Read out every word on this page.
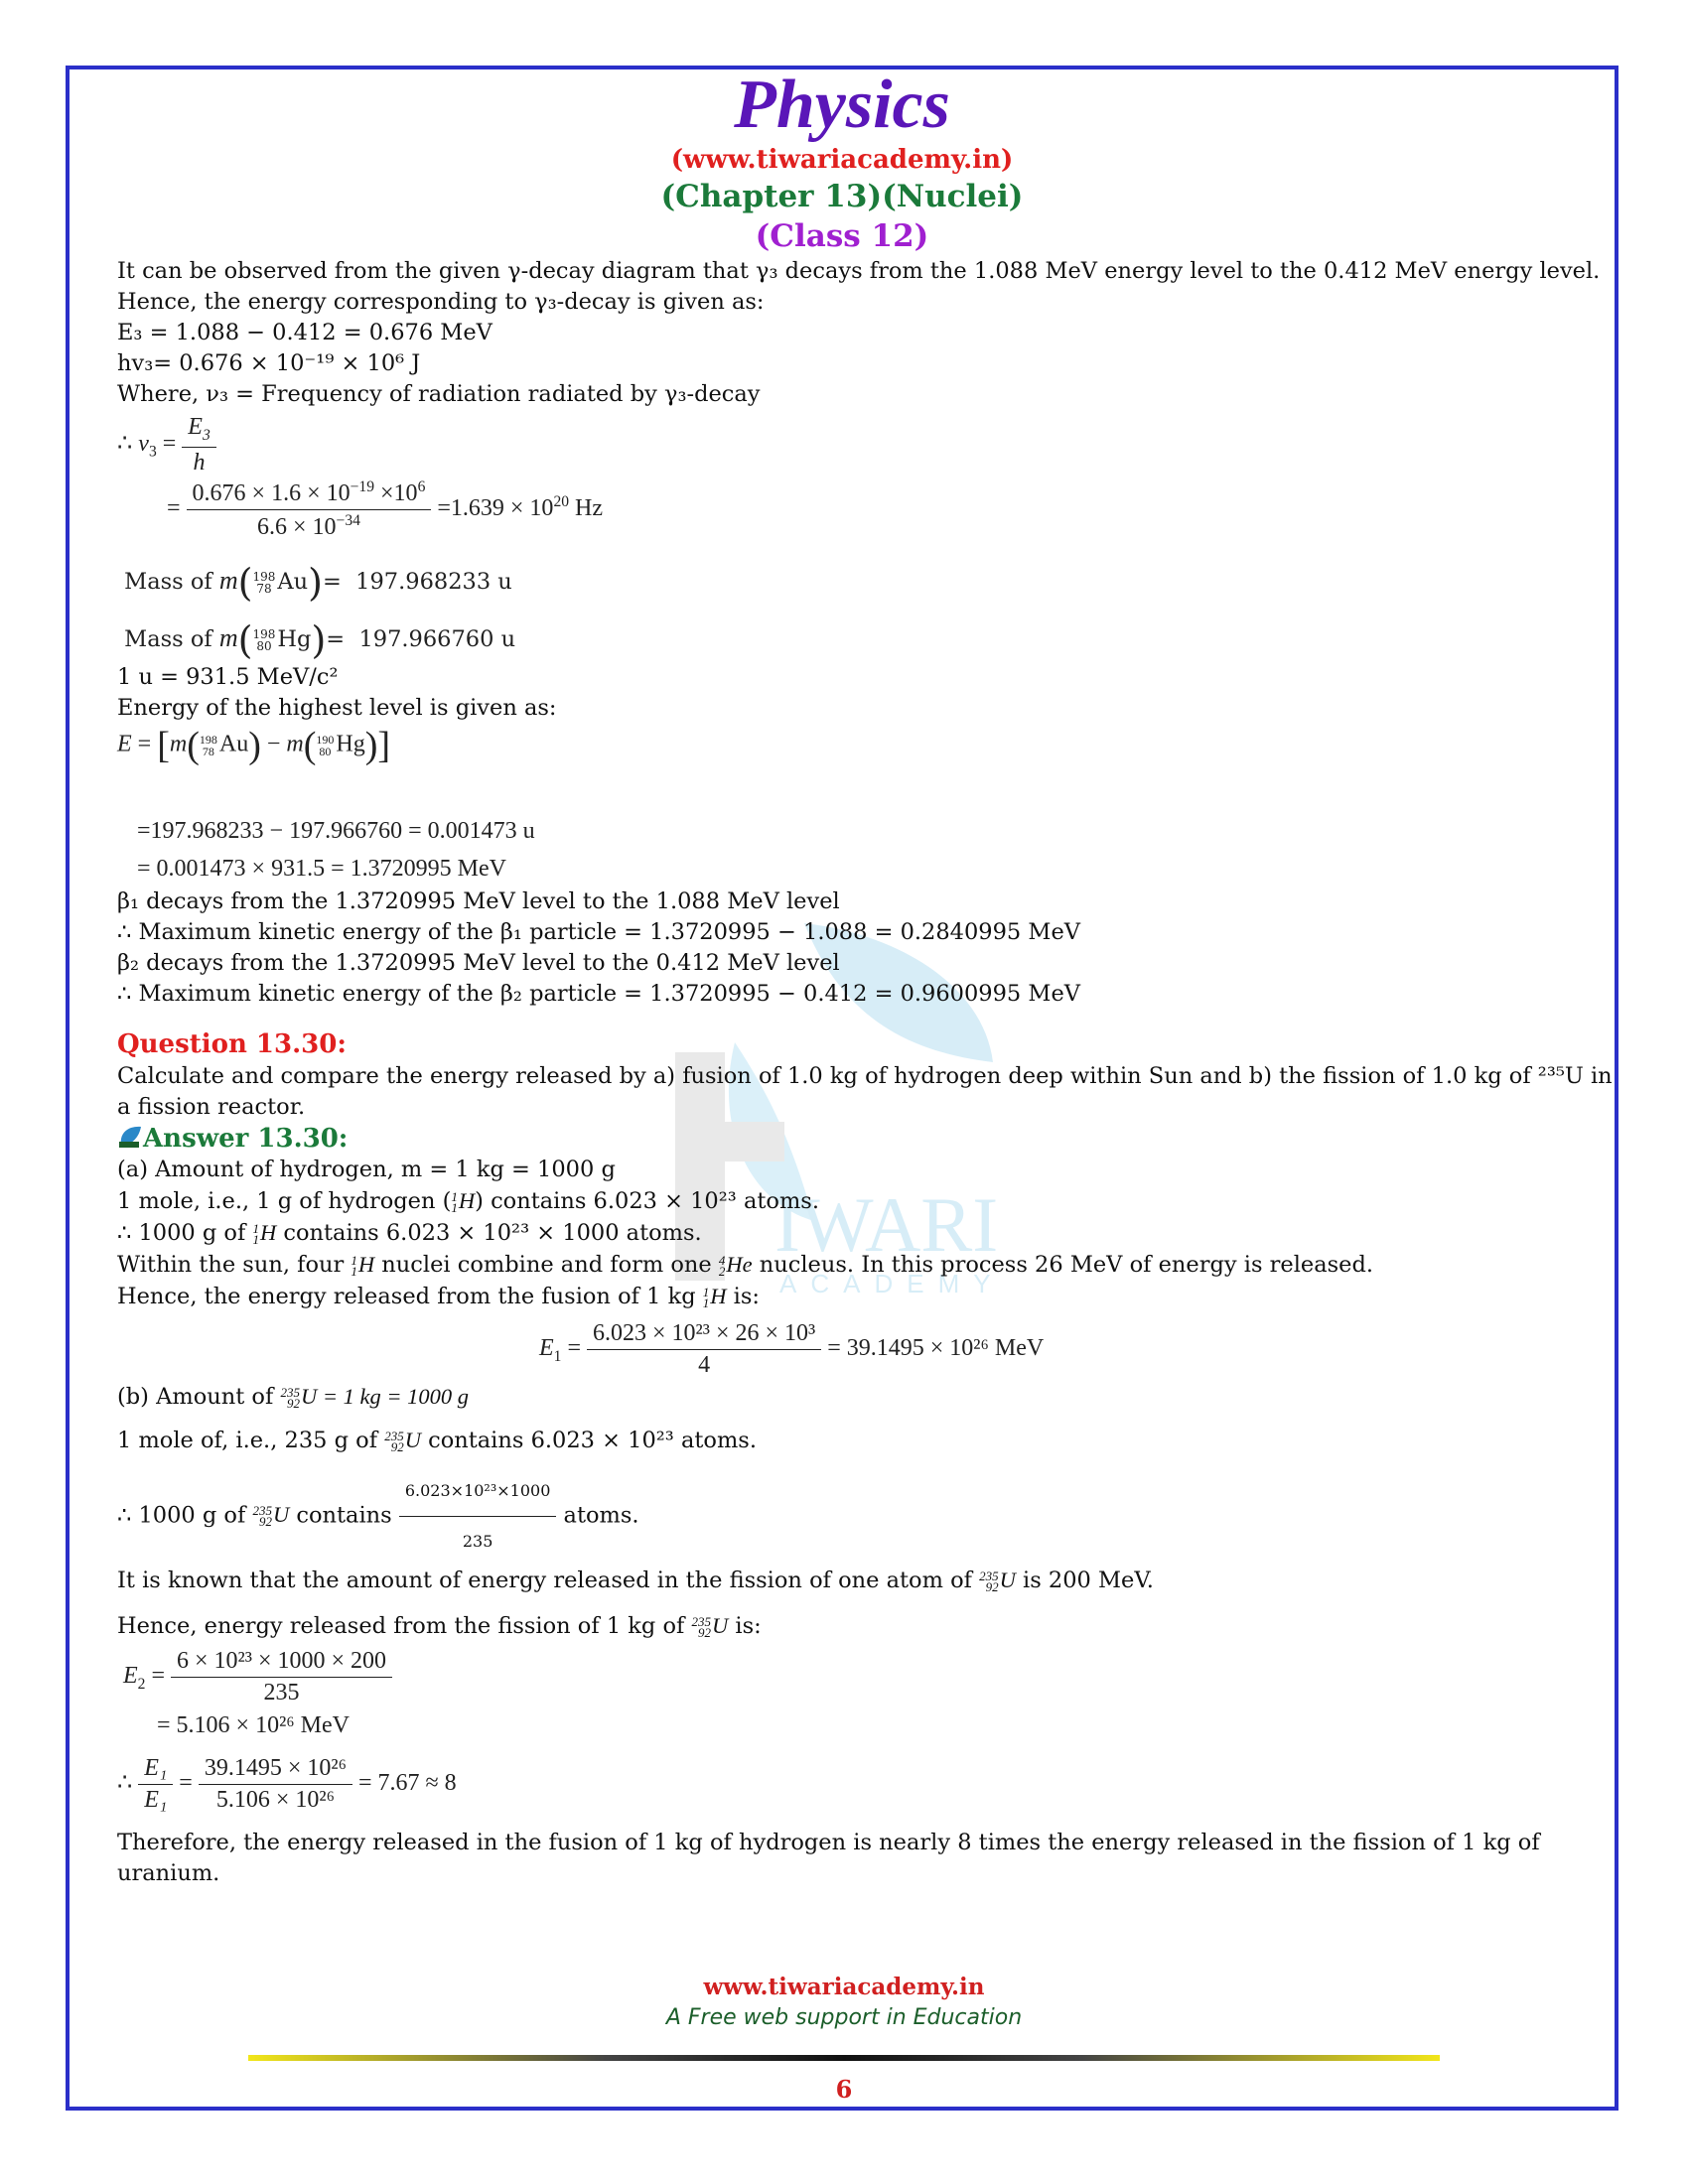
IWARI
ACADEMY
Physics
(www.tiwariacademy.in)
(Chapter 13)(Nuclei)
(Class 12)

It can be observed from the given γ-decay diagram that γ₃ decays from the 1.088 MeV energy level to the 0.412 MeV energy level.

Hence, the energy corresponding to γ₃-decay is given as:

E₃ = 1.088 − 0.412 = 0.676 MeV

hv₃= 0.676 × 10⁻¹⁹ × 10⁶ J

Where, ν₃ = Frequency of radiation radiated by γ₃-decay

∴ $\nu_3 = \frac{E_3}{h}$
= $\frac{0.676 \times 1.6 \times 10^{-19} \times 10^6}{6.6 \times 10^{-34}} =1.639 \times 10^{20}$ Hz
Mass of m( 198
78 Au)=  197.968233 u
Mass of m( 198
80 Hg)=  197.966760 u

1 u = 931.5 MeV/c²

Energy of the highest level is given as:

E = [m( 198
78 Au) − m( 190
80 Hg)]
=197.968233 − 197.966760 = 0.001473 u
= 0.001473 × 931.5 = 1.3720995 MeV

β₁ decays from the 1.3720995 MeV level to the 1.088 MeV level

∴ Maximum kinetic energy of the β₁ particle = 1.3720995 − 1.088 = 0.2840995 MeV

β₂ decays from the 1.3720995 MeV level to the 0.412 MeV level

∴ Maximum kinetic energy of the β₂ particle = 1.3720995 − 0.412 = 0.9600995 MeV

Question 13.30:

Calculate and compare the energy released by a) fusion of 1.0 kg of hydrogen deep within Sun and b) the fission of 1.0 kg of ²³⁵U in

a fission reactor.

Answer 13.30:

(a) Amount of hydrogen, m = 1 kg = 1000 g

1 mole, i.e., 1 g of hydrogen ( 1
1 H) contains 6.023 × 10²³ atoms.

∴ 1000 g of 1
1 H contains 6.023 × 10²³ × 1000 atoms.

Within the sun, four 1
1 H nuclei combine and form one 4
2 He nucleus. In this process 26 MeV of energy is released.

Hence, the energy released from the fusion of 1 kg 1
1 H is:

$E_1 = \frac{\text{6.023 × 10²³ × 26 × 10³}}{4} = 39.1495 \times 10^{26}$ MeV

(b) Amount of 235
92 U = 1 kg = 1000 g

1 mole of, i.e., 235 g of 235
92 U contains 6.023 × 10²³ atoms.

∴ 1000 g of 235
92 U contains $\frac{\text{6.023×10²³×1000}}{235}$ atoms.

It is known that the amount of energy released in the fission of one atom of 235
92 U is 200 MeV.

Hence, energy released from the fission of 1 kg of 235
92 U is:

$E_2 = \frac{\text{6 × 10²³ × 1000 × 200}}{235}$
= 5.106 × 10²⁶ MeV
∴ $\frac{\text{E₁}}{\text{E₁}} = \frac{\text{39.1495 × 10²⁶}}{\text{5.106 × 10²⁶}} = 7.67 \approx 8$

Therefore, the energy released in the fusion of 1 kg of hydrogen is nearly 8 times the energy released in the fission of 1 kg of

uranium.

www.tiwariacademy.in
A Free web support in Education
6
